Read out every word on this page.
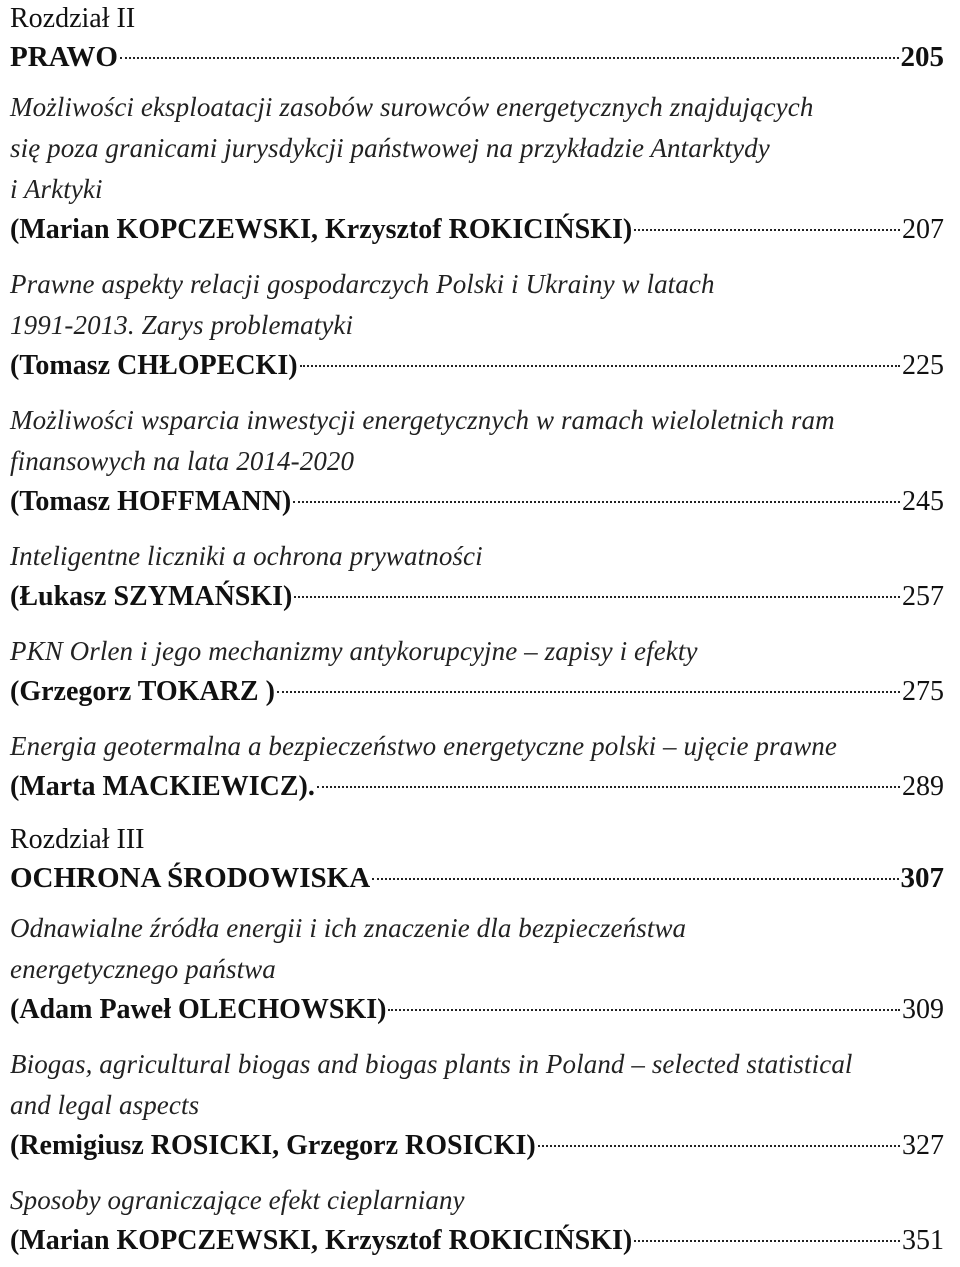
Rozdział II
PRAWO	205
Możliwości eksploatacji zasobów surowców energetycznych znajdujących
się poza granicami jurysdykcji państwowej na przykładzie Antarktydy
i Arktyki
(Marian KOPCZEWSKI, Krzysztof ROKICIŃSKI)	207
Prawne aspekty relacji gospodarczych Polski i Ukrainy w latach
1991-2013. Zarys problematyki
(Tomasz CHŁOPECKI)	225
Możliwości wsparcia inwestycji energetycznych w ramach wieloletnich ram
finansowych na lata 2014-2020
(Tomasz HOFFMANN)	245
Inteligentne liczniki a ochrona prywatności
(Łukasz SZYMAŃSKI)	257
PKN Orlen i jego mechanizmy antykorupcyjne – zapisy i efekty
(Grzegorz TOKARZ )	275
Energia geotermalna a bezpieczeństwo energetyczne polski – ujęcie prawne
(Marta MACKIEWICZ).	289
Rozdział III
OCHRONA ŚRODOWISKA	307
Odnawialne źródła energii i ich znaczenie dla bezpieczeństwa
energetycznego państwa
(Adam Paweł OLECHOWSKI)	309
Biogas, agricultural biogas and biogas plants in Poland – selected statistical
and legal aspects
(Remigiusz ROSICKI, Grzegorz ROSICKI)	327
Sposoby ograniczające efekt cieplarniany
(Marian KOPCZEWSKI, Krzysztof ROKICIŃSKI)	351
